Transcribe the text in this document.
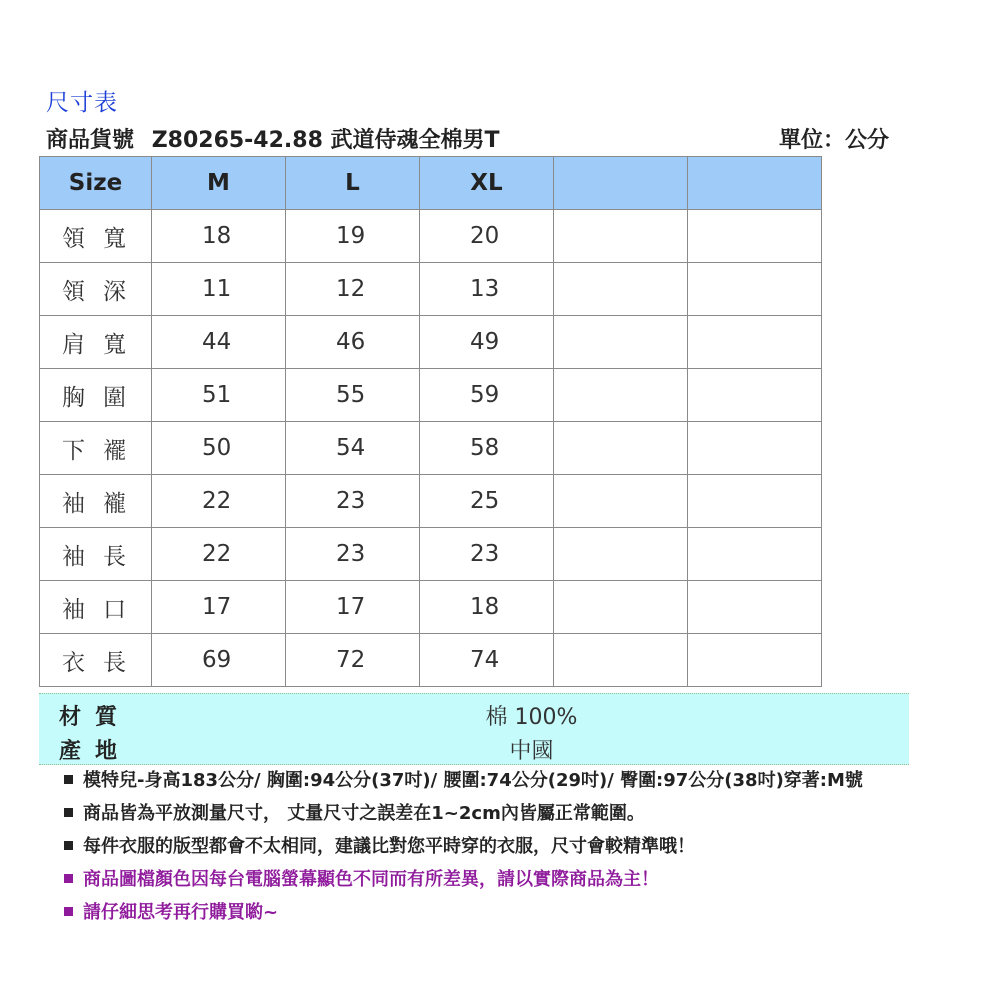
尺寸表
商品貨號 Z80265-42.88 武道侍魂全棉男T	單位：公分
Size	M	L	XL		
領寬	18	19	20		
領深	11	12	13		
肩寬	44	46	49		
胸圍	51	55	59		
下襬	50	54	58		
袖襱	22	23	25		
袖長	22	23	23		
袖口	17	17	18		
衣長	69	72	74		
材質	棉 100%
產地	中國
模特兒-身高183公分/ 胸圍:94公分(37吋)/ 腰圍:74公分(29吋)/ 臀圍:97公分(38吋)穿著:M號
商品皆為平放測量尺寸， 丈量尺寸之誤差在1~2cm內皆屬正常範圍。
每件衣服的版型都會不太相同，建議比對您平時穿的衣服，尺寸會較精準哦！
商品圖檔顏色因每台電腦螢幕顯色不同而有所差異，請以實際商品為主！
請仔細思考再行購買喲~
